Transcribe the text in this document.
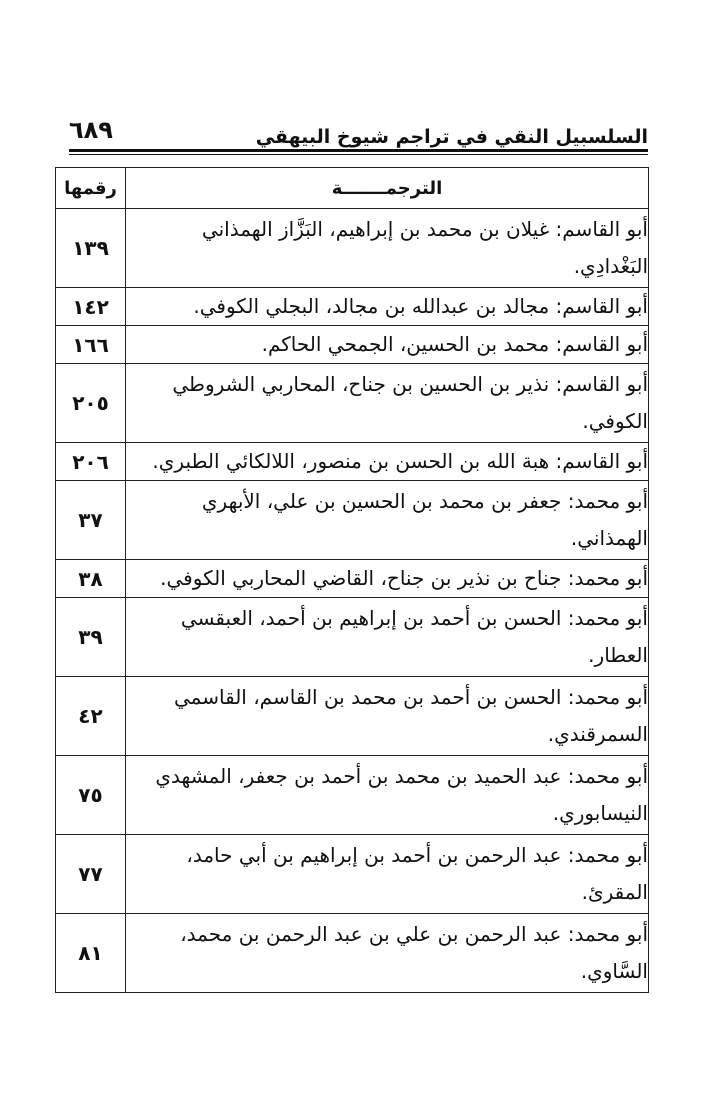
٦٨٩	السلسبيل النقي في تراجم شيوخ البيهقي
الترجمـــــــة	رقمها
أبو القاسم: غيلان بن محمد بن إبراهيم، البَزَّاز الهمذاني البَغْدادِي.	١٣٩
أبو القاسم: مجالد بن عبدالله بن مجالد، البجلي الكوفي.	١٤٢
أبو القاسم: محمد بن الحسين، الجمحي الحاكم.	١٦٦
أبو القاسم: نذير بن الحسين بن جناح، المحاربي الشروطي الكوفي.	٢٠٥
أبو القاسم: هبة الله بن الحسن بن منصور، اللالكائي الطبري.	٢٠٦
أبو محمد: جعفر بن محمد بن الحسين بن علي، الأبهري الهمذاني.	٣٧
أبو محمد: جناح بن نذير بن جناح، القاضي المحاربي الكوفي.	٣٨
أبو محمد: الحسن بن أحمد بن إبراهيم بن أحمد، العبقسي العطار.	٣٩
أبو محمد: الحسن بن أحمد بن محمد بن القاسم، القاسمي السمرقندي.	٤٢
أبو محمد: عبد الحميد بن محمد بن أحمد بن جعفر، المشهدي النيسابوري.	٧٥
أبو محمد: عبد الرحمن بن أحمد بن إبراهيم بن أبي حامد، المقرئ.	٧٧
أبو محمد: عبد الرحمن بن علي بن عبد الرحمن بن محمد، السَّاوي.	٨١
